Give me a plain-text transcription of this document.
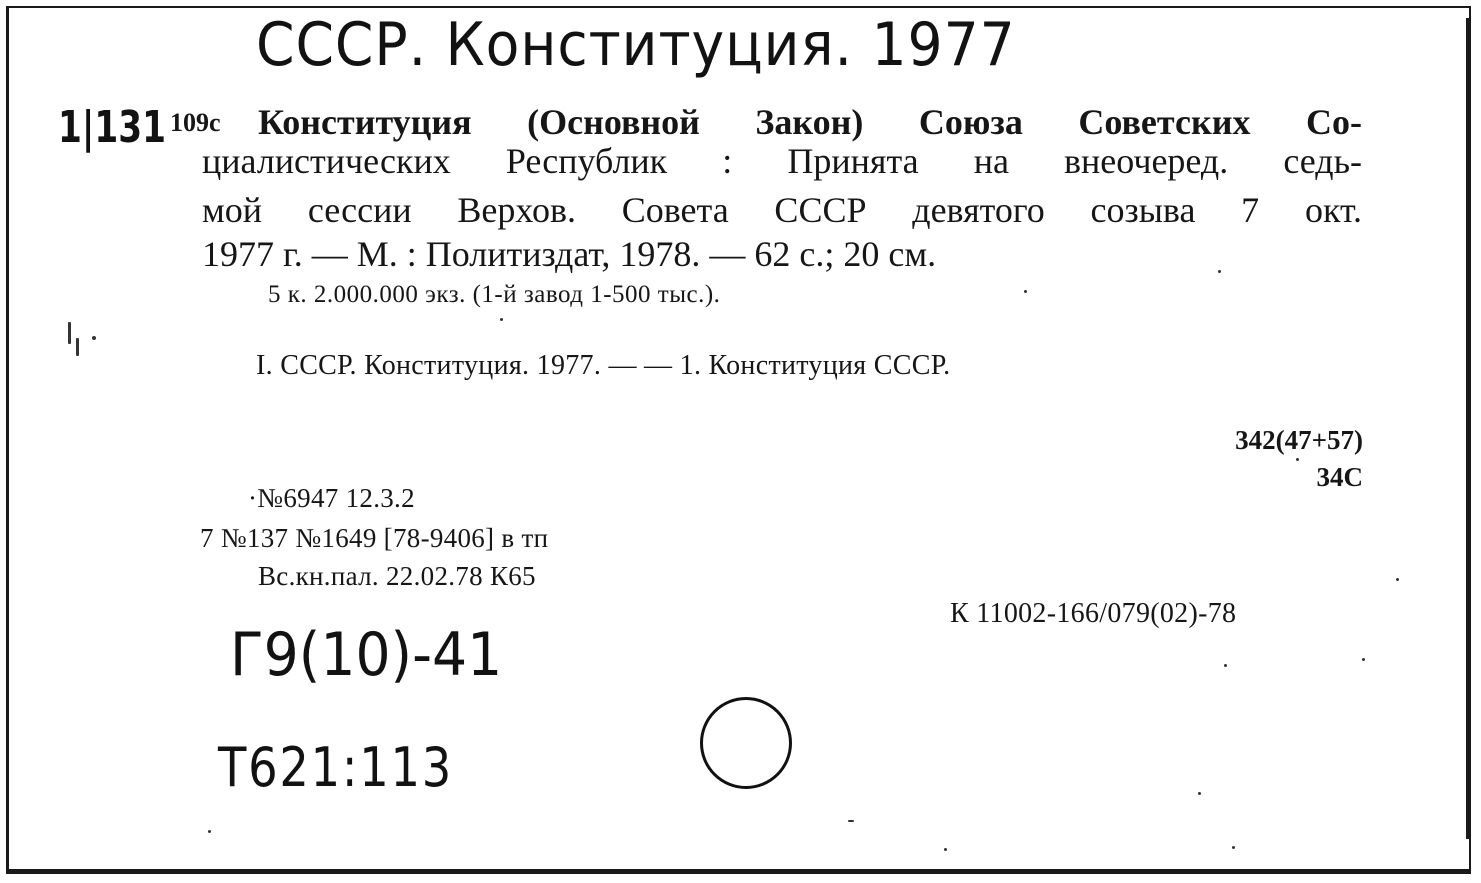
СССР. Конституция. 1977
1|131 109с Конституция (Основной Закон) Союза Советских Со-
циалистических Республик : Принята на внеочеред. седь-
мой сессии Верхов. Совета СССР девятого созыва 7 окт.
1977 г. — М. : Политиздат, 1978. — 62 с.; 20 см.
5 к. 2.000.000 экз. (1-й завод 1-500 тыс.).
I. СССР. Конституция. 1977. — — 1. Конституция СССР.
342(47+57)
34С
·№6947 12.3.2
7 №137 №1649 [78-9406] в тп
Вс.кн.пал. 22.02.78 К65
К 11002-166/079(02)-78
Г9(10)-41
Т621:113
